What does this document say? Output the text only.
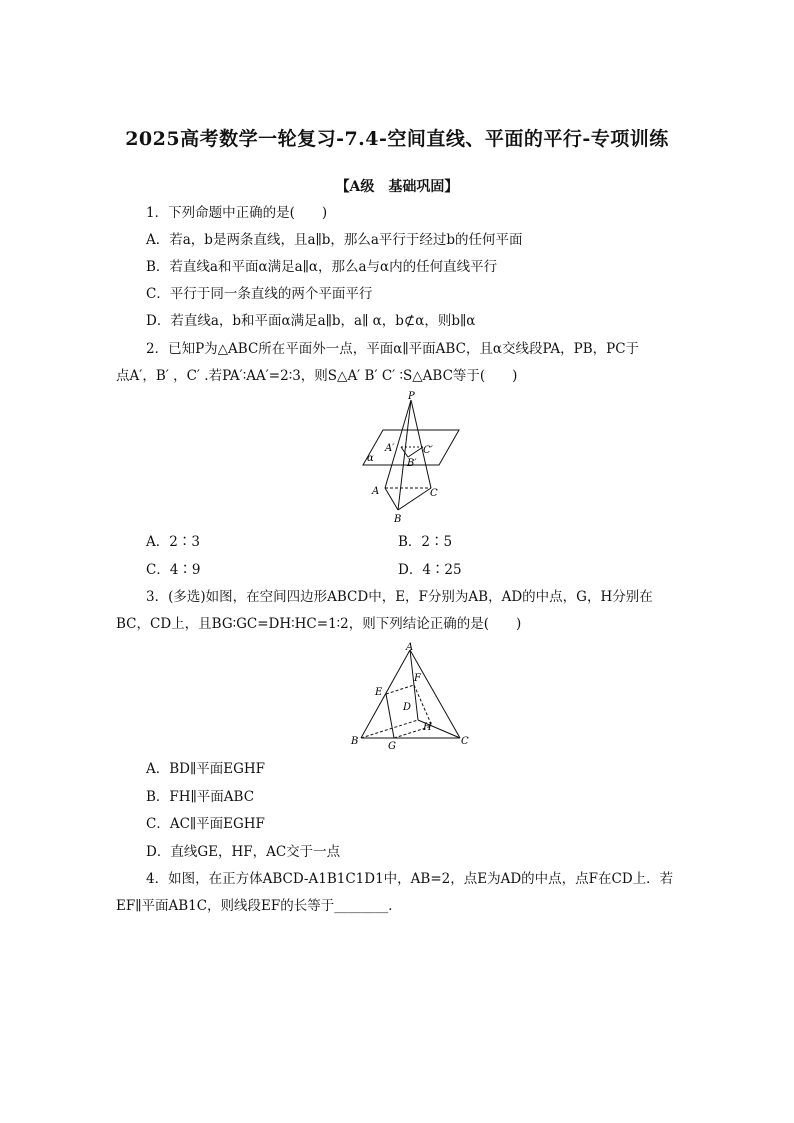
2025高考数学一轮复习-7.4-空间直线、平面的平行-专项训练
【A级　基础巩固】
1．下列命题中正确的是(　　)
A．若a，b是两条直线，且a∥b，那么a平行于经过b的任何平面
B．若直线a和平面α满足a∥α，那么a与α内的任何直线平行
C．平行于同一条直线的两个平面平行
D．若直线a，b和平面α满足a∥b，a∥ α，b⊄α，则b∥α
2．已知P为△ABC所在平面外一点，平面α∥平面ABC，且α交线段PA，PB，PC于
点A′，B′ ，C′ .若PA′∶AA′=2∶3，则S△A′ B′ C′ ∶S△ABC等于(　　)
P
A′	C′
B′
α
A	C
B
A．2∶3	B．2∶5
C．4∶9	D．4∶25
3．(多选)如图，在空间四边形ABCD中，E，F分别为AB，AD的中点，G，H分别在
BC，CD上，且BG∶GC=DH∶HC=1∶2，则下列结论正确的是(　　)
A
E
F
D
H
B	G	C
A．BD∥平面EGHF
B．FH∥平面ABC
C．AC∥平面EGHF
D．直线GE，HF，AC交于一点
4．如图，在正方体ABCD-A1B1C1D1中，AB=2，点E为AD的中点，点F在CD上．若
EF∥平面AB1C，则线段EF的长等于________．
